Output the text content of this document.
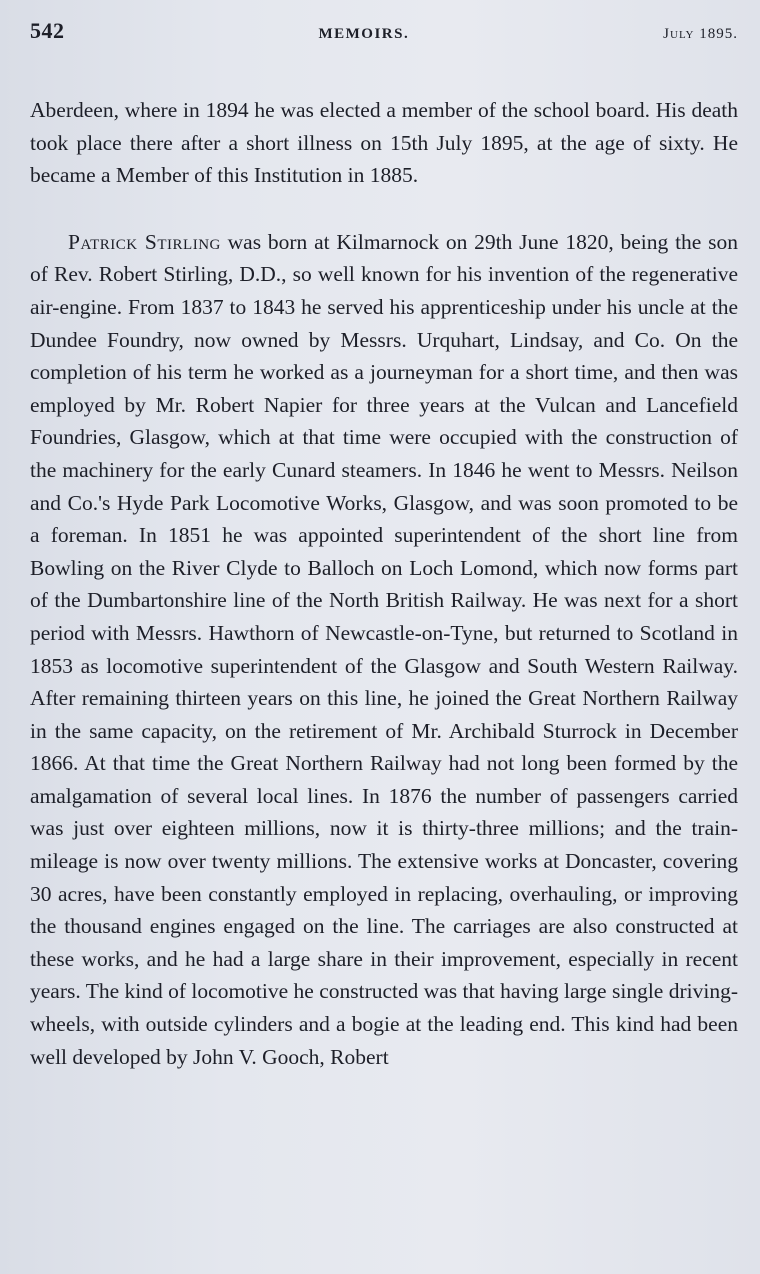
542	MEMOIRS.	July 1895.

Aberdeen, where in 1894 he was elected a member of the school board. His death took place there after a short illness on 15th July 1895, at the age of sixty. He became a Member of this Institution in 1885.

Patrick Stirling was born at Kilmarnock on 29th June 1820, being the son of Rev. Robert Stirling, D.D., so well known for his invention of the regenerative air-engine. From 1837 to 1843 he served his apprenticeship under his uncle at the Dundee Foundry, now owned by Messrs. Urquhart, Lindsay, and Co. On the completion of his term he worked as a journeyman for a short time, and then was employed by Mr. Robert Napier for three years at the Vulcan and Lancefield Foundries, Glasgow, which at that time were occupied with the construction of the machinery for the early Cunard steamers. In 1846 he went to Messrs. Neilson and Co.'s Hyde Park Locomotive Works, Glasgow, and was soon promoted to be a foreman. In 1851 he was appointed superintendent of the short line from Bowling on the River Clyde to Balloch on Loch Lomond, which now forms part of the Dumbartonshire line of the North British Railway. He was next for a short period with Messrs. Hawthorn of Newcastle-on-Tyne, but returned to Scotland in 1853 as locomotive superintendent of the Glasgow and South Western Railway. After remaining thirteen years on this line, he joined the Great Northern Railway in the same capacity, on the retirement of Mr. Archibald Sturrock in December 1866. At that time the Great Northern Railway had not long been formed by the amalgamation of several local lines. In 1876 the number of passengers carried was just over eighteen millions, now it is thirty-three millions; and the train-mileage is now over twenty millions. The extensive works at Doncaster, covering 30 acres, have been constantly employed in replacing, overhauling, or improving the thousand engines engaged on the line. The carriages are also constructed at these works, and he had a large share in their improvement, especially in recent years. The kind of locomotive he constructed was that having large single driving-wheels, with outside cylinders and a bogie at the leading end. This kind had been well developed by John V. Gooch, Robert
